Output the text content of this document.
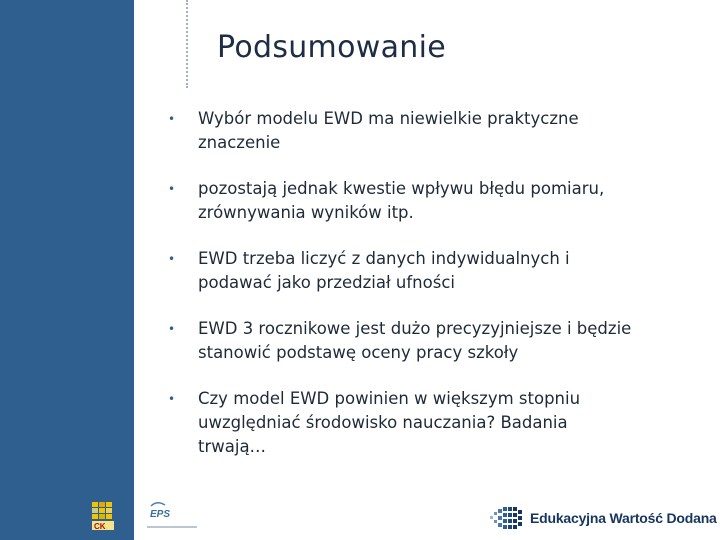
Podsumowanie
• Wybór modelu EWD ma niewielkie praktyczne znaczenie
• pozostają jednak kwestie wpływu błędu pomiaru, zrównywania wyników itp.
• EWD trzeba liczyć z danych indywidualnych i podawać jako przedział ufności
• EWD 3 rocznikowe jest dużo precyzyjniejsze i będzie stanowić podstawę oceny pracy szkoły
• Czy model EWD powinien w większym stopniu uwzględniać środowisko nauczania? Badania trwają…
CK
EPS	Edukacyjna Wartość Dodana
